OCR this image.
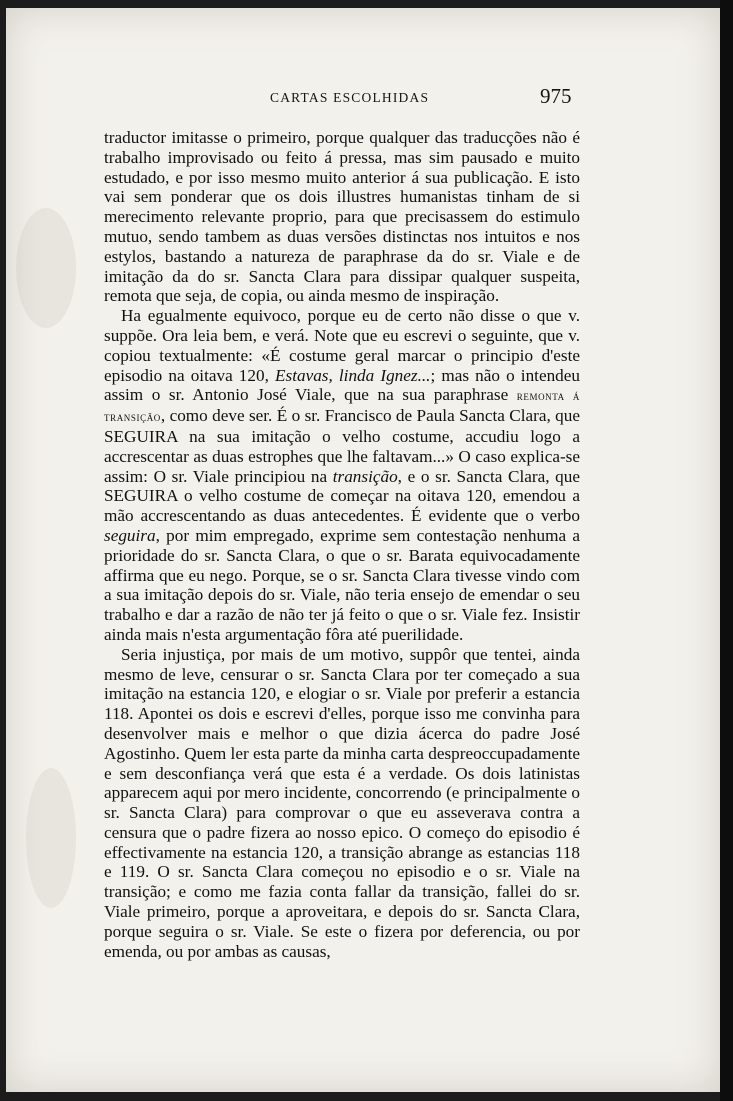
CARTAS ESCOLHIDAS	975

traductor imitasse o primeiro, porque qualquer das traducções não é trabalho improvisado ou feito á pressa, mas sim pausado e muito estudado, e por isso mesmo muito anterior á sua publicação. E isto vai sem ponderar que os dois illustres humanistas tinham de si merecimento relevante proprio, para que precisassem do estimulo mutuo, sendo tambem as duas versões distinctas nos intuitos e nos estylos, bastando a natureza de paraphrase da do sr. Viale e de imitação da do sr. Sancta Clara para dissipar qualquer suspeita, remota que seja, de copia, ou ainda mesmo de inspiração.

Ha egualmente equivoco, porque eu de certo não disse o que v. suppõe. Ora leia bem, e verá. Note que eu escrevi o seguinte, que v. copiou textualmente: «É costume geral marcar o principio d'este episodio na oitava 120, Estavas, linda Ignez...; mas não o intendeu assim o sr. Antonio José Viale, que na sua paraphrase remonta á transição, como deve ser. É o sr. Francisco de Paula Sancta Clara, que SEGUIRA na sua imitação o velho costume, accudiu logo a accrescentar as duas estrophes que lhe faltavam...» O caso explica-se assim: O sr. Viale principiou na transição, e o sr. Sancta Clara, que SEGUIRA o velho costume de começar na oitava 120, emendou a mão accrescentando as duas antecedentes. É evidente que o verbo seguira, por mim empregado, exprime sem contestação nenhuma a prioridade do sr. Sancta Clara, o que o sr. Barata equivocadamente affirma que eu nego. Porque, se o sr. Sancta Clara tivesse vindo com a sua imitação depois do sr. Viale, não teria ensejo de emendar o seu trabalho e dar a razão de não ter já feito o que o sr. Viale fez. Insistir ainda mais n'esta argumentação fôra até puerilidade.

Seria injustiça, por mais de um motivo, suppôr que tentei, ainda mesmo de leve, censurar o sr. Sancta Clara por ter começado a sua imitação na estancia 120, e elogiar o sr. Viale por preferir a estancia 118. Apontei os dois e escrevi d'elles, porque isso me convinha para desenvolver mais e melhor o que dizia ácerca do padre José Agostinho. Quem ler esta parte da minha carta despreoccupadamente e sem desconfiança verá que esta é a verdade. Os dois latinistas apparecem aqui por mero incidente, concorrendo (e principalmente o sr. Sancta Clara) para comprovar o que eu asseverava contra a censura que o padre fizera ao nosso epico. O começo do episodio é effectivamente na estancia 120, a transição abrange as estancias 118 e 119. O sr. Sancta Clara começou no episodio e o sr. Viale na transição; e como me fazia conta fallar da transição, fallei do sr. Viale primeiro, porque a aproveitara, e depois do sr. Sancta Clara, porque seguira o sr. Viale. Se este o fizera por deferencia, ou por emenda, ou por ambas as causas,
